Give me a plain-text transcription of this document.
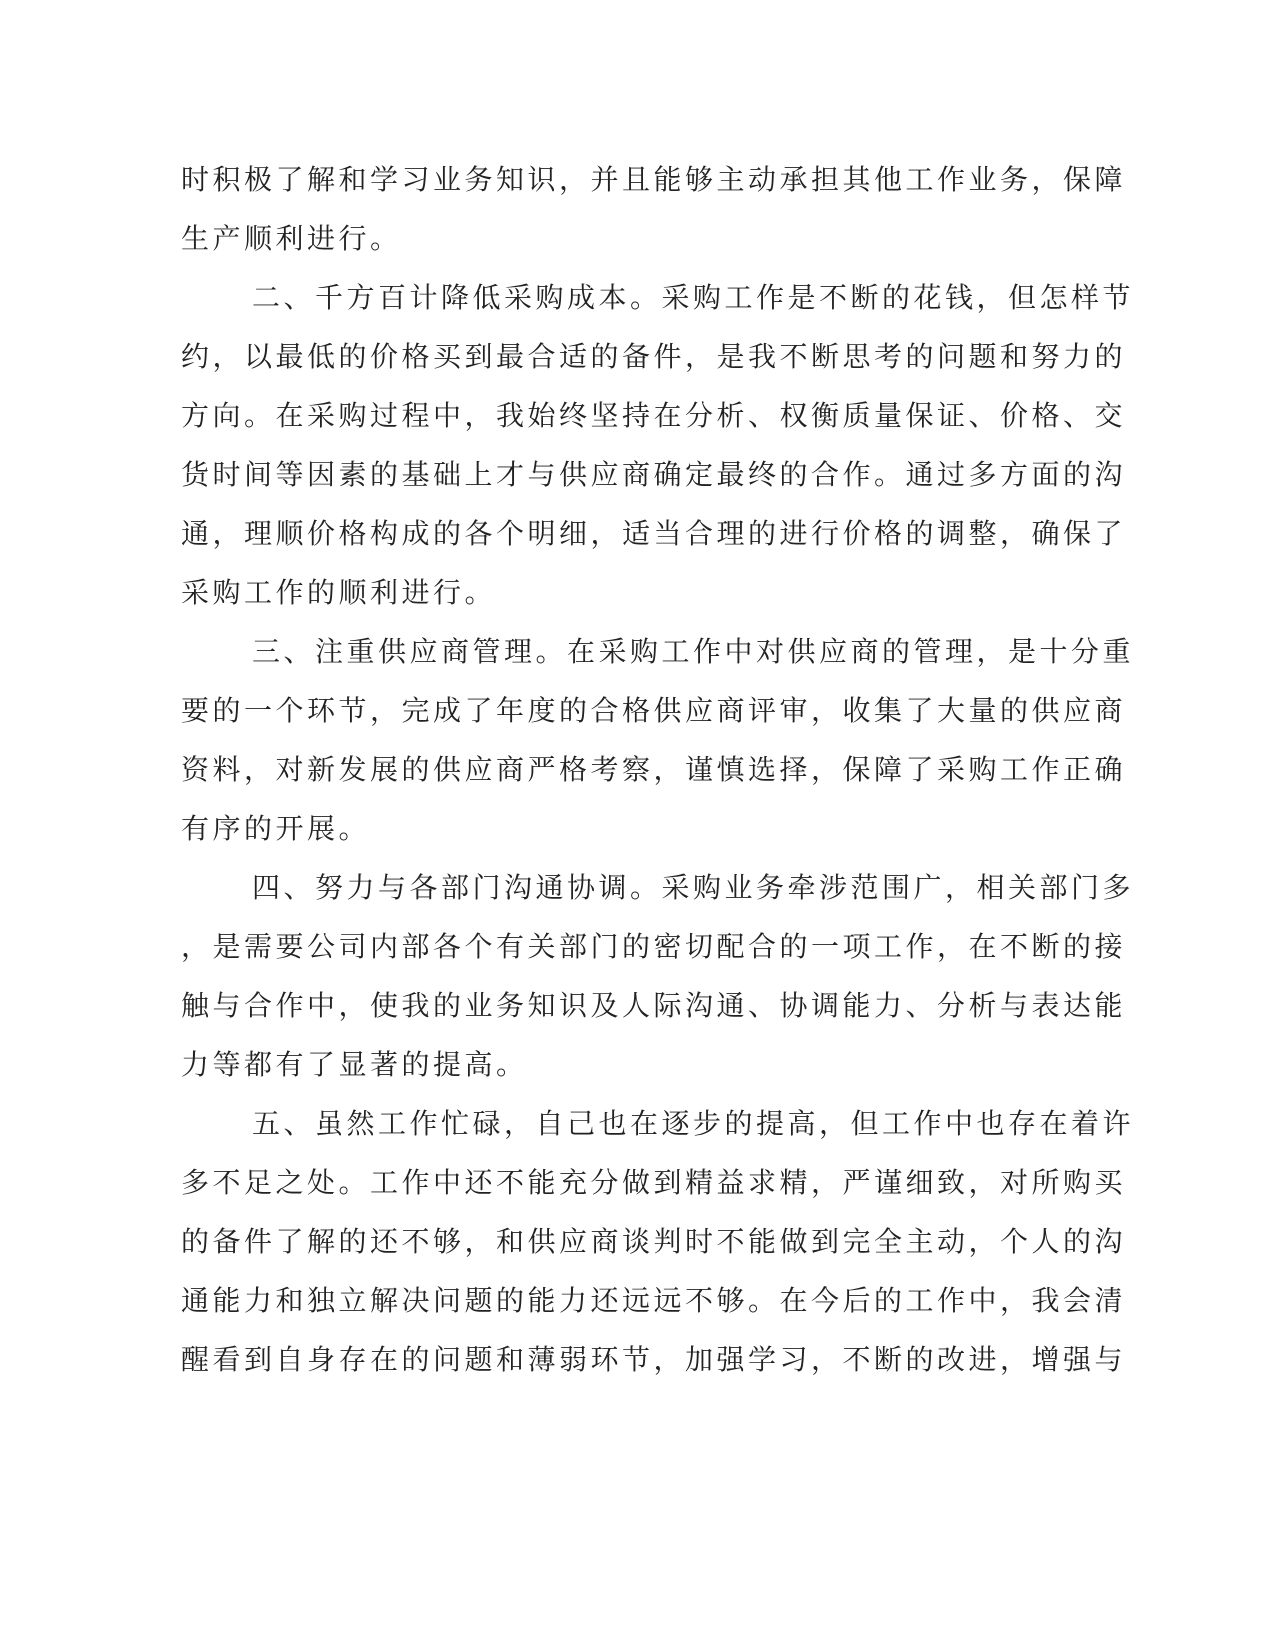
时积极了解和学习业务知识，并且能够主动承担其他工作业务，保障
生产顺利进行。
二、千方百计降低采购成本。采购工作是不断的花钱，但怎样节
约，以最低的价格买到最合适的备件，是我不断思考的问题和努力的
方向。在采购过程中，我始终坚持在分析、权衡质量保证、价格、交
货时间等因素的基础上才与供应商确定最终的合作。通过多方面的沟
通，理顺价格构成的各个明细，适当合理的进行价格的调整，确保了
采购工作的顺利进行。
三、注重供应商管理。在采购工作中对供应商的管理，是十分重
要的一个环节，完成了年度的合格供应商评审，收集了大量的供应商
资料，对新发展的供应商严格考察，谨慎选择，保障了采购工作正确
有序的开展。
四、努力与各部门沟通协调。采购业务牵涉范围广，相关部门多
，是需要公司内部各个有关部门的密切配合的一项工作，在不断的接
触与合作中，使我的业务知识及人际沟通、协调能力、分析与表达能
力等都有了显著的提高。
五、虽然工作忙碌，自己也在逐步的提高，但工作中也存在着许
多不足之处。工作中还不能充分做到精益求精，严谨细致，对所购买
的备件了解的还不够，和供应商谈判时不能做到完全主动，个人的沟
通能力和独立解决问题的能力还远远不够。在今后的工作中，我会清
醒看到自身存在的问题和薄弱环节，加强学习，不断的改进，增强与
